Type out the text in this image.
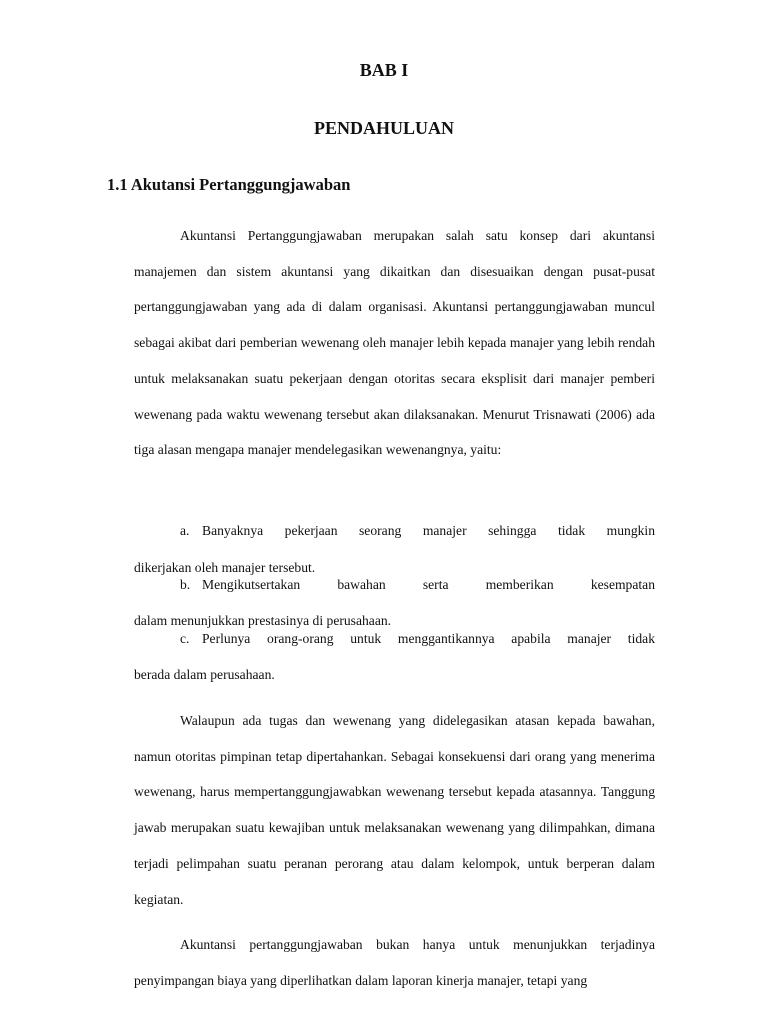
BAB I
PENDAHULUAN
1.1 Akutansi Pertanggungjawaban

Akuntansi Pertanggungjawaban merupakan salah satu konsep dari akuntansi manajemen dan sistem akuntansi yang dikaitkan dan disesuaikan dengan pusat-pusat pertanggungjawaban yang ada di dalam organisasi. Akuntansi pertanggungjawaban muncul sebagai akibat dari pemberian wewenang oleh manajer lebih kepada manajer yang lebih rendah untuk melaksanakan suatu pekerjaan dengan otoritas secara eksplisit dari manajer pemberi wewenang pada waktu wewenang tersebut akan dilaksanakan. Menurut Trisnawati (2006) ada tiga alasan mengapa manajer mendelegasikan wewenangnya, yaitu:

a. Banyaknya pekerjaan seorang manajer sehingga tidak mungkin
dikerjakan oleh manajer tersebut.
b. Mengikutsertakan bawahan serta memberikan kesempatan
dalam menunjukkan prestasinya di perusahaan.
c. Perlunya orang-orang untuk menggantikannya apabila manajer tidak
berada dalam perusahaan.

Walaupun ada tugas dan wewenang yang didelegasikan atasan kepada bawahan, namun otoritas pimpinan tetap dipertahankan. Sebagai konsekuensi dari orang yang menerima wewenang, harus mempertanggungjawabkan wewenang tersebut kepada atasannya. Tanggung jawab merupakan suatu kewajiban untuk melaksanakan wewenang yang dilimpahkan, dimana terjadi pelimpahan suatu peranan perorang atau dalam kelompok, untuk berperan dalam kegiatan.

Akuntansi pertanggungjawaban bukan hanya untuk menunjukkan terjadinya penyimpangan biaya yang diperlihatkan dalam laporan kinerja manajer, tetapi yang
